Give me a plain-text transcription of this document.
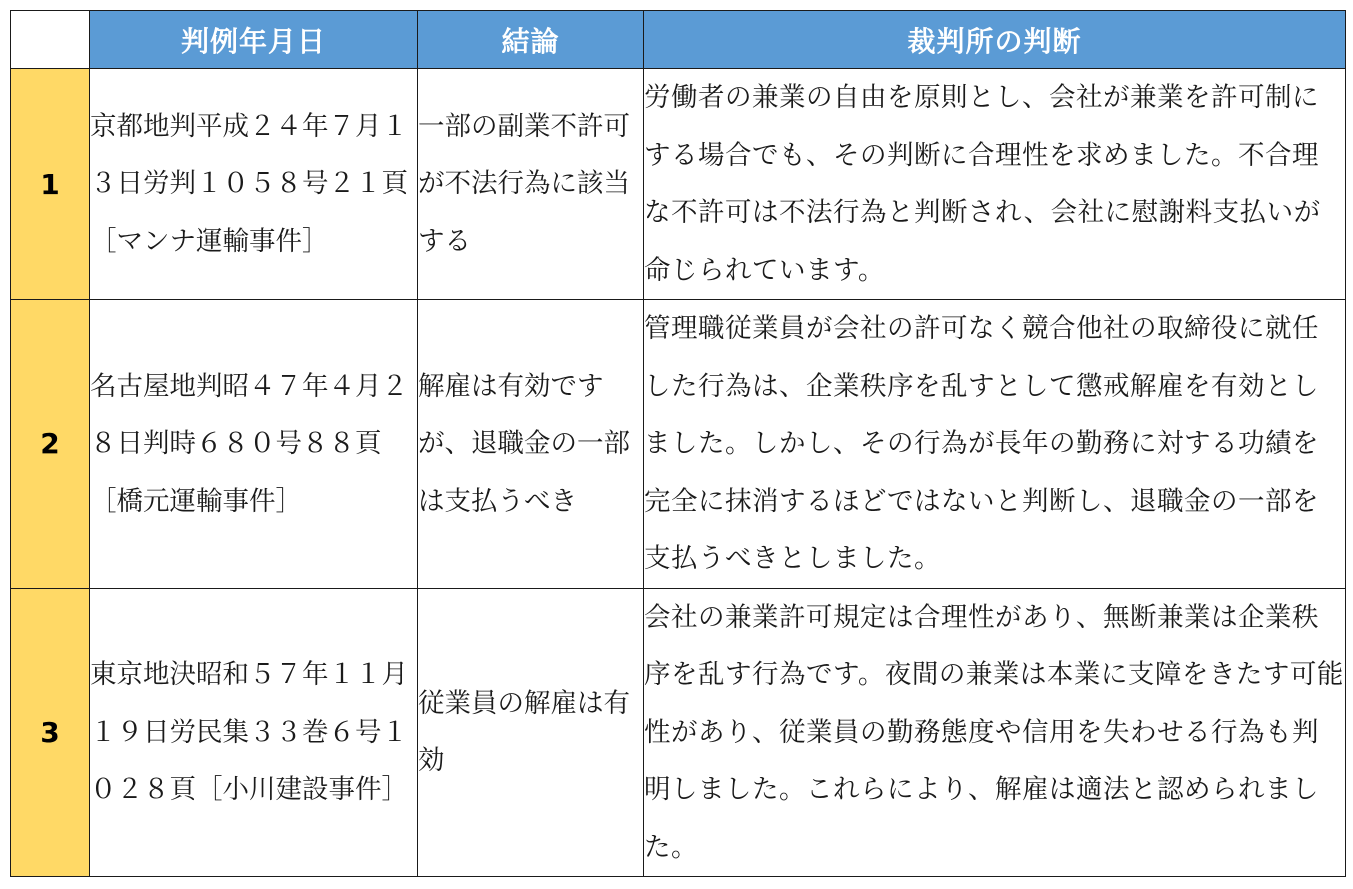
	判例年月日	結論	裁判所の判断
1	京都地判平成２４年７月１３日労判１０５８号２１頁［マンナ運輸事件］	一部の副業不許可が不法行為に該当する	労働者の兼業の自由を原則とし、会社が兼業を許可制にする場合でも、その判断に合理性を求めました。不合理な不許可は不法行為と判断され、会社に慰謝料支払いが命じられています。
2	名古屋地判昭４７年４月２８日判時６８０号８８頁［橋元運輸事件］	解雇は有効ですが、退職金の一部は支払うべき	管理職従業員が会社の許可なく競合他社の取締役に就任した行為は、企業秩序を乱すとして懲戒解雇を有効としました。しかし、その行為が長年の勤務に対する功績を完全に抹消するほどではないと判断し、退職金の一部を支払うべきとしました。
3	東京地決昭和５７年１１月１９日労民集３３巻６号１０２８頁［小川建設事件］	従業員の解雇は有効	会社の兼業許可規定は合理性があり、無断兼業は企業秩序を乱す行為です。夜間の兼業は本業に支障をきたす可能性があり、従業員の勤務態度や信用を失わせる行為も判明しました。これらにより、解雇は適法と認められました。
